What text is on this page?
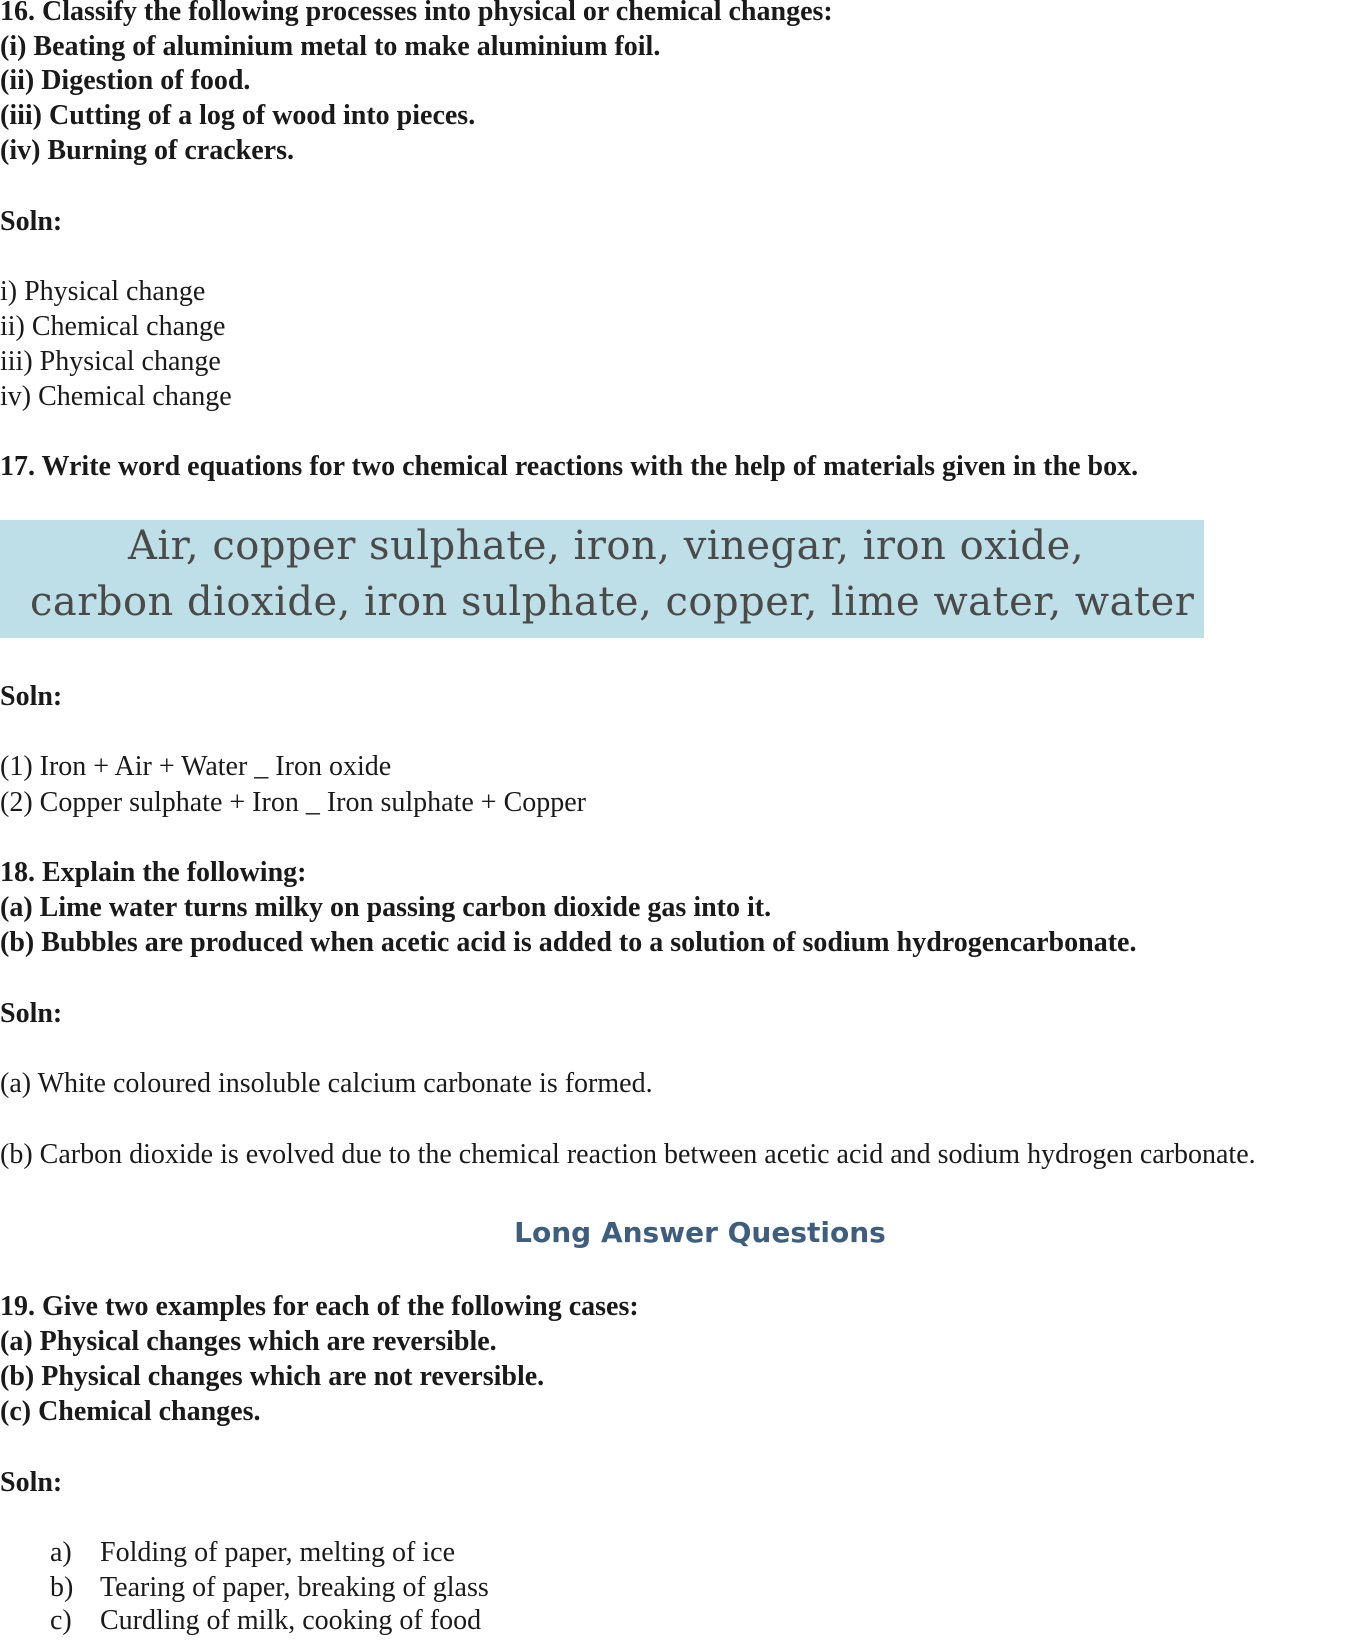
16. Classify the following processes into physical or chemical changes:
(i) Beating of aluminium metal to make aluminium foil.
(ii) Digestion of food.
(iii) Cutting of a log of wood into pieces.
(iv) Burning of crackers.
Soln:
i) Physical change
ii) Chemical change
iii) Physical change
iv) Chemical change
17. Write word equations for two chemical reactions with the help of materials given in the box.
Air, copper sulphate, iron, vinegar, iron oxide,
carbon dioxide, iron sulphate, copper, lime water, water
Soln:
(1) Iron + Air + Water _ Iron oxide
(2) Copper sulphate + Iron _ Iron sulphate + Copper
18. Explain the following:
(a) Lime water turns milky on passing carbon dioxide gas into it.
(b) Bubbles are produced when acetic acid is added to a solution of sodium hydrogencarbonate.
Soln:
(a) White coloured insoluble calcium carbonate is formed.
(b) Carbon dioxide is evolved due to the chemical reaction between acetic acid and sodium hydrogen carbonate.
Long Answer Questions
19. Give two examples for each of the following cases:
(a) Physical changes which are reversible.
(b) Physical changes which are not reversible.
(c) Chemical changes.
Soln:
a) Folding of paper, melting of ice
b) Tearing of paper, breaking of glass
c) Curdling of milk, cooking of food
